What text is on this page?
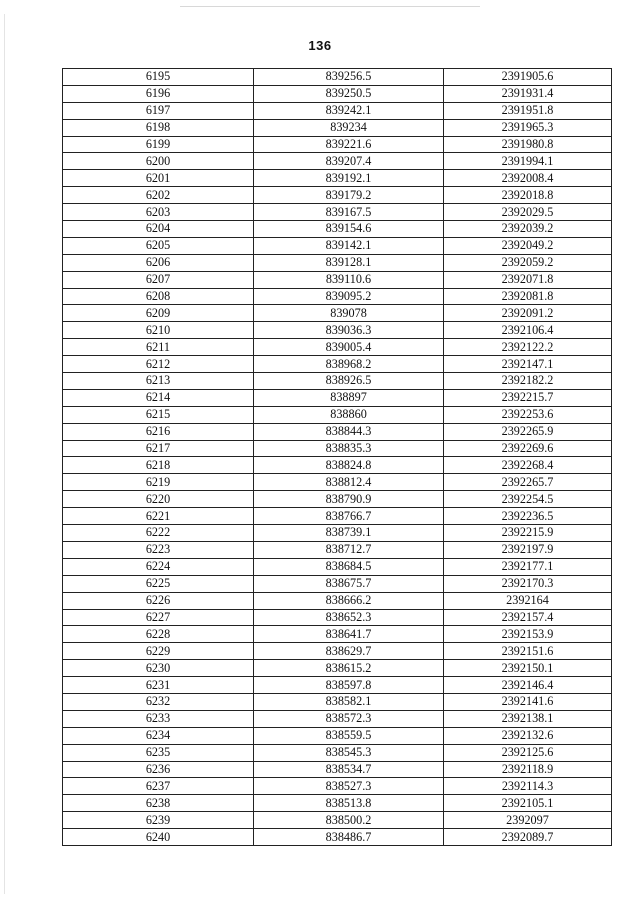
136
6195	839256.5	2391905.6
6196	839250.5	2391931.4
6197	839242.1	2391951.8
6198	839234	2391965.3
6199	839221.6	2391980.8
6200	839207.4	2391994.1
6201	839192.1	2392008.4
6202	839179.2	2392018.8
6203	839167.5	2392029.5
6204	839154.6	2392039.2
6205	839142.1	2392049.2
6206	839128.1	2392059.2
6207	839110.6	2392071.8
6208	839095.2	2392081.8
6209	839078	2392091.2
6210	839036.3	2392106.4
6211	839005.4	2392122.2
6212	838968.2	2392147.1
6213	838926.5	2392182.2
6214	838897	2392215.7
6215	838860	2392253.6
6216	838844.3	2392265.9
6217	838835.3	2392269.6
6218	838824.8	2392268.4
6219	838812.4	2392265.7
6220	838790.9	2392254.5
6221	838766.7	2392236.5
6222	838739.1	2392215.9
6223	838712.7	2392197.9
6224	838684.5	2392177.1
6225	838675.7	2392170.3
6226	838666.2	2392164
6227	838652.3	2392157.4
6228	838641.7	2392153.9
6229	838629.7	2392151.6
6230	838615.2	2392150.1
6231	838597.8	2392146.4
6232	838582.1	2392141.6
6233	838572.3	2392138.1
6234	838559.5	2392132.6
6235	838545.3	2392125.6
6236	838534.7	2392118.9
6237	838527.3	2392114.3
6238	838513.8	2392105.1
6239	838500.2	2392097
6240	838486.7	2392089.7
